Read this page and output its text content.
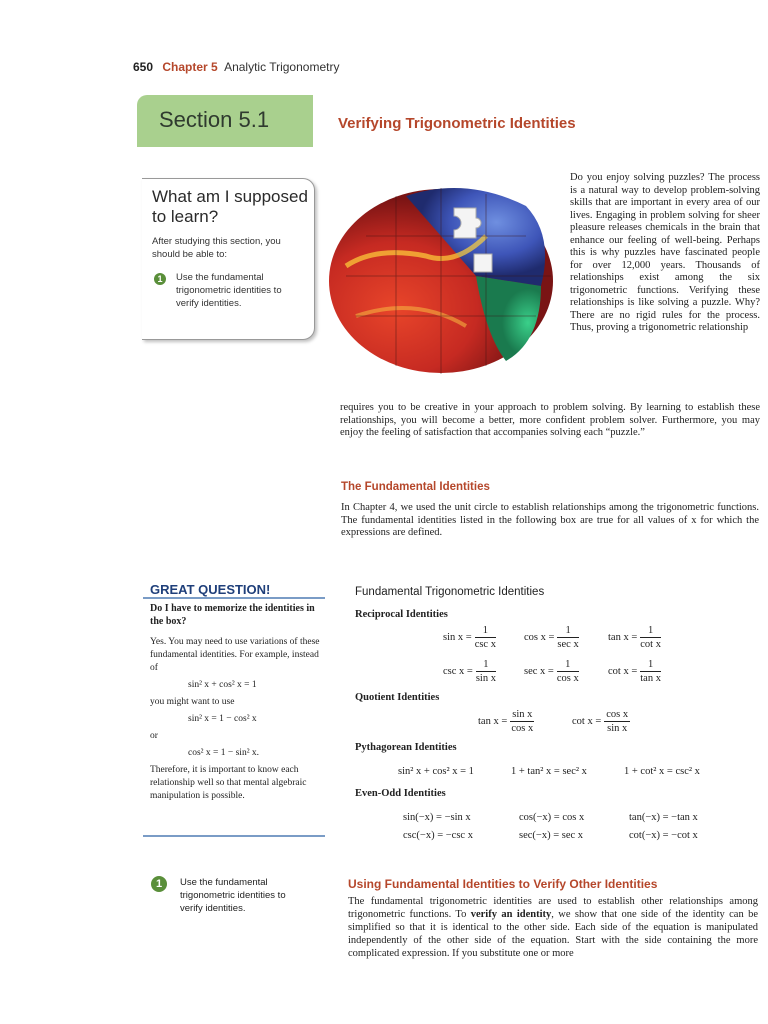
650 Chapter 5 Analytic Trigonometry
Section 5.1	Verifying Trigonometric Identities
What am I supposed to learn?
After studying this section, you should be able to:
1	Use the fundamental trigonometric identities to verify identities.
Do you enjoy solving puzzles? The process is a natural way to develop problem-solving skills that are important in every area of our lives. Engaging in problem solving for sheer pleasure releases chemicals in the brain that enhance our feeling of well-being. Perhaps this is why puzzles have fascinated people for over 12,000 years. Thousands of relationships exist among the six trigonometric functions. Verifying these relationships is like solving a puzzle. Why? There are no rigid rules for the process. Thus, proving a trigonometric relationship
requires you to be creative in your approach to problem solving. By learning to establish these relationships, you will become a better, more confident problem solver. Furthermore, you may enjoy the feeling of satisfaction that accompanies solving each “puzzle.”
The Fundamental Identities
In Chapter 4, we used the unit circle to establish relationships among the trigonometric functions. The fundamental identities listed in the following box are true for all values of x for which the expressions are defined.
GREAT QUESTION!
Do I have to memorize the identities in the box?
Yes. You may need to use variations of these fundamental identities. For example, instead of
sin² x + cos² x = 1
you might want to use
sin² x = 1 − cos² x
or
cos² x = 1 − sin² x.
Therefore, it is important to know each relationship well so that mental algebraic manipulation is possible.
Fundamental Trigonometric Identities
Reciprocal Identities
$\sin x = \frac{1}{\text{csc x}}$	$\cos x = \frac{1}{\text{sec x}}$	$\tan x = \frac{1}{\text{cot x}}$
$\csc x = \frac{1}{\text{sin x}}$	$\sec x = \frac{1}{\text{cos x}}$	$\cot x = \frac{1}{\text{tan x}}$
Quotient Identities
$\tan x = \frac{\text{sin x}}{\text{cos x}}$	$\cot x = \frac{\text{cos x}}{\text{sin x}}$
Pythagorean Identities
sin² x + cos² x = 1	1 + tan² x = sec² x	1 + cot² x = csc² x
Even-Odd Identities
sin(−x) = −sin x	cos(−x) = cos x	tan(−x) = −tan x
csc(−x) = −csc x	sec(−x) = sec x	cot(−x) = −cot x
1	Use the fundamental trigonometric identities to verify identities.
Using Fundamental Identities to Verify Other Identities
The fundamental trigonometric identities are used to establish other relationships among trigonometric functions. To verify an identity, we show that one side of the identity can be simplified so that it is identical to the other side. Each side of the equation is manipulated independently of the other side of the equation. Start with the side containing the more complicated expression. If you substitute one or more
